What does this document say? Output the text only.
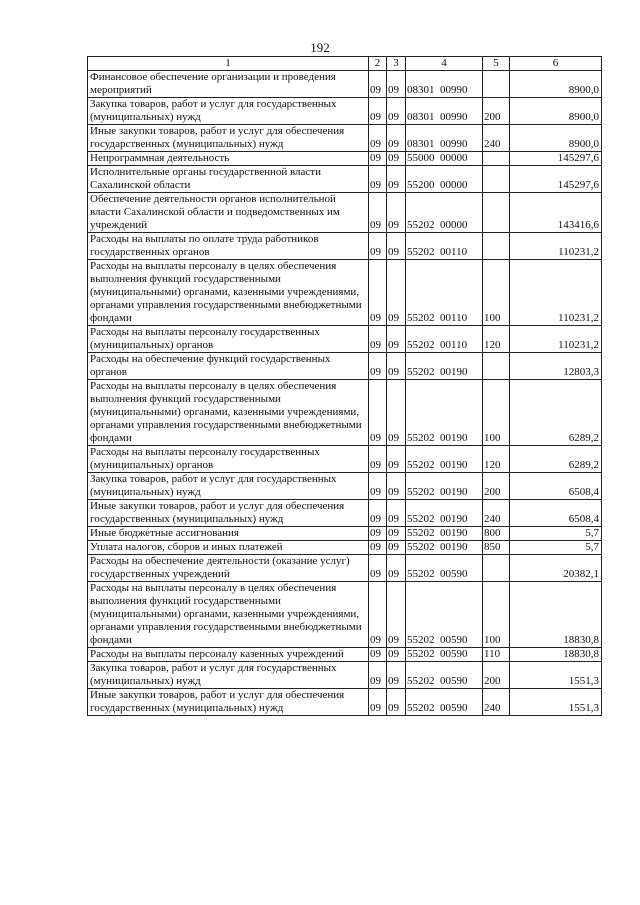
192
1	2	3	4	5	6
Финансовое обеспечение организации и проведения мероприятий	09	09	08301 00990		8900,0
Закупка товаров, работ и услуг для государственных (муниципальных) нужд	09	09	08301 00990	200	8900,0
Иные закупки товаров, работ и услуг для обеспечения государственных (муниципальных) нужд	09	09	08301 00990	240	8900,0
Непрограммная деятельность	09	09	55000 00000		145297,6
Исполнительные органы государственной власти Сахалинской области	09	09	55200 00000		145297,6
Обеспечение деятельности органов исполнительной власти Сахалинской области и подведомственных им учреждений	09	09	55202 00000		143416,6
Расходы на выплаты по оплате труда работников государственных органов	09	09	55202 00110		110231,2
Расходы на выплаты персоналу в целях обеспечения выполнения функций государственными (муниципальными) органами, казенными учреждениями, органами управления государственными внебюджетными фондами	09	09	55202 00110	100	110231,2
Расходы на выплаты персоналу государственных (муниципальных) органов	09	09	55202 00110	120	110231,2
Расходы на обеспечение функций государственных органов	09	09	55202 00190		12803,3
Расходы на выплаты персоналу в целях обеспечения выполнения функций государственными (муниципальными) органами, казенными учреждениями, органами управления государственными внебюджетными фондами	09	09	55202 00190	100	6289,2
Расходы на выплаты персоналу государственных (муниципальных) органов	09	09	55202 00190	120	6289,2
Закупка товаров, работ и услуг для государственных (муниципальных) нужд	09	09	55202 00190	200	6508,4
Иные закупки товаров, работ и услуг для обеспечения государственных (муниципальных) нужд	09	09	55202 00190	240	6508,4
Иные бюджетные ассигнования	09	09	55202 00190	800	5,7
Уплата налогов, сборов и иных платежей	09	09	55202 00190	850	5,7
Расходы на обеспечение деятельности (оказание услуг) государственных учреждений	09	09	55202 00590		20382,1
Расходы на выплаты персоналу в целях обеспечения выполнения функций государственными (муниципальными) органами, казенными учреждениями, органами управления государственными внебюджетными фондами	09	09	55202 00590	100	18830,8
Расходы на выплаты персоналу казенных учреждений	09	09	55202 00590	110	18830,8
Закупка товаров, работ и услуг для государственных (муниципальных) нужд	09	09	55202 00590	200	1551,3
Иные закупки товаров, работ и услуг для обеспечения государственных (муниципальных) нужд	09	09	55202 00590	240	1551,3
